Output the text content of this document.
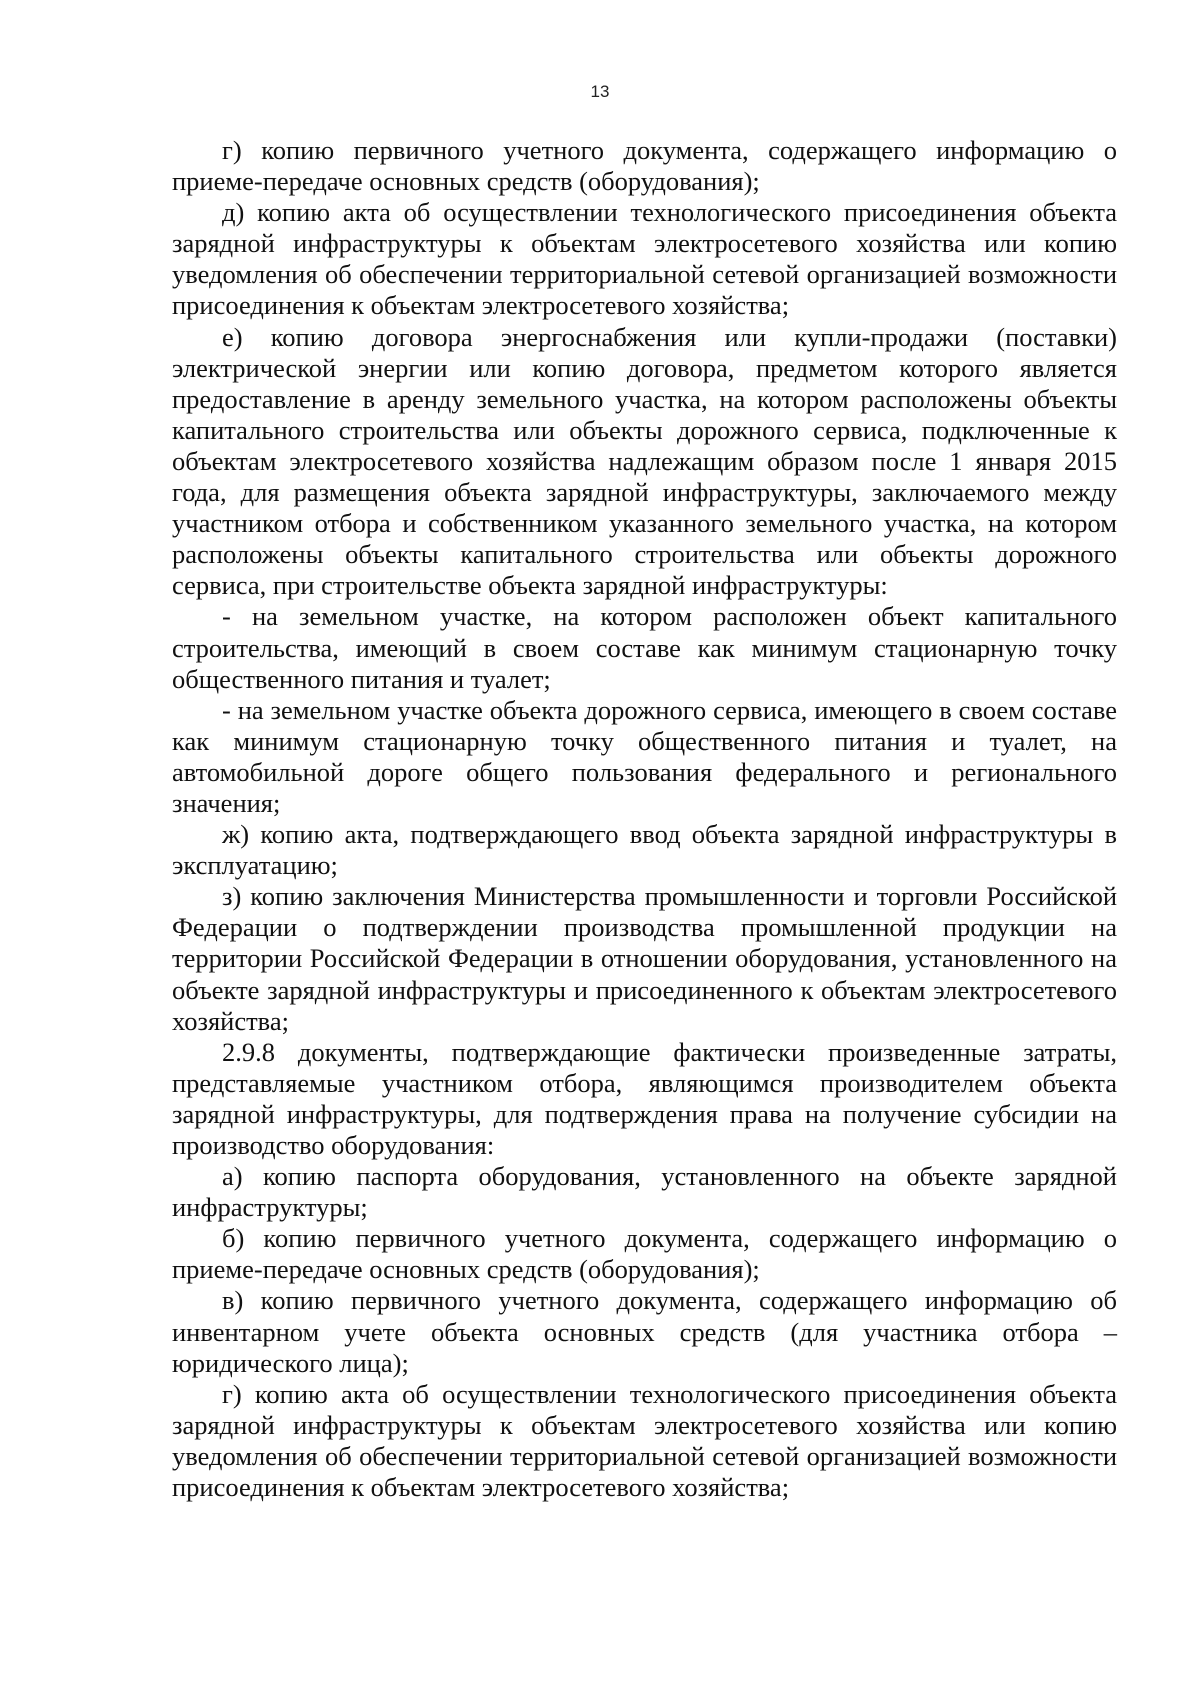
13

г) копию первичного учетного документа, содержащего информацию о приеме-передаче основных средств (оборудования);

д) копию акта об осуществлении технологического присоединения объекта зарядной инфраструктуры к объектам электросетевого хозяйства или копию уведомления об обеспечении территориальной сетевой организацией возможности присоединения к объектам электросетевого хозяйства;

е) копию договора энергоснабжения или купли-продажи (поставки) электрической энергии или копию договора, предметом которого является предоставление в аренду земельного участка, на котором расположены объекты капитального строительства или объекты дорожного сервиса, подключенные к объектам электросетевого хозяйства надлежащим образом после 1 января 2015 года, для размещения объекта зарядной инфраструктуры, заключаемого между участником отбора и собственником указанного земельного участка, на котором расположены объекты капитального строительства или объекты дорожного сервиса, при строительстве объекта зарядной инфраструктуры:

- на земельном участке, на котором расположен объект капитального строительства, имеющий в своем составе как минимум стационарную точку общественного питания и туалет;

- на земельном участке объекта дорожного сервиса, имеющего в своем составе как минимум стационарную точку общественного питания и туалет, на автомобильной дороге общего пользования федерального и регионального значения;

ж) копию акта, подтверждающего ввод объекта зарядной инфраструктуры в эксплуатацию;

з) копию заключения Министерства промышленности и торговли Российской Федерации о подтверждении производства промышленной продукции на территории Российской Федерации в отношении оборудования, установленного на объекте зарядной инфраструктуры и присоединенного к объектам электросетевого хозяйства;

2.9.8 документы, подтверждающие фактически произведенные затраты, представляемые участником отбора, являющимся производителем объекта зарядной инфраструктуры, для подтверждения права на получение субсидии на производство оборудования:

а) копию паспорта оборудования, установленного на объекте зарядной инфраструктуры;

б) копию первичного учетного документа, содержащего информацию о приеме-передаче основных средств (оборудования);

в) копию первичного учетного документа, содержащего информацию об инвентарном учете объекта основных средств (для участника отбора – юридического лица);

г) копию акта об осуществлении технологического присоединения объекта зарядной инфраструктуры к объектам электросетевого хозяйства или копию уведомления об обеспечении территориальной сетевой организацией возможности присоединения к объектам электросетевого хозяйства;
